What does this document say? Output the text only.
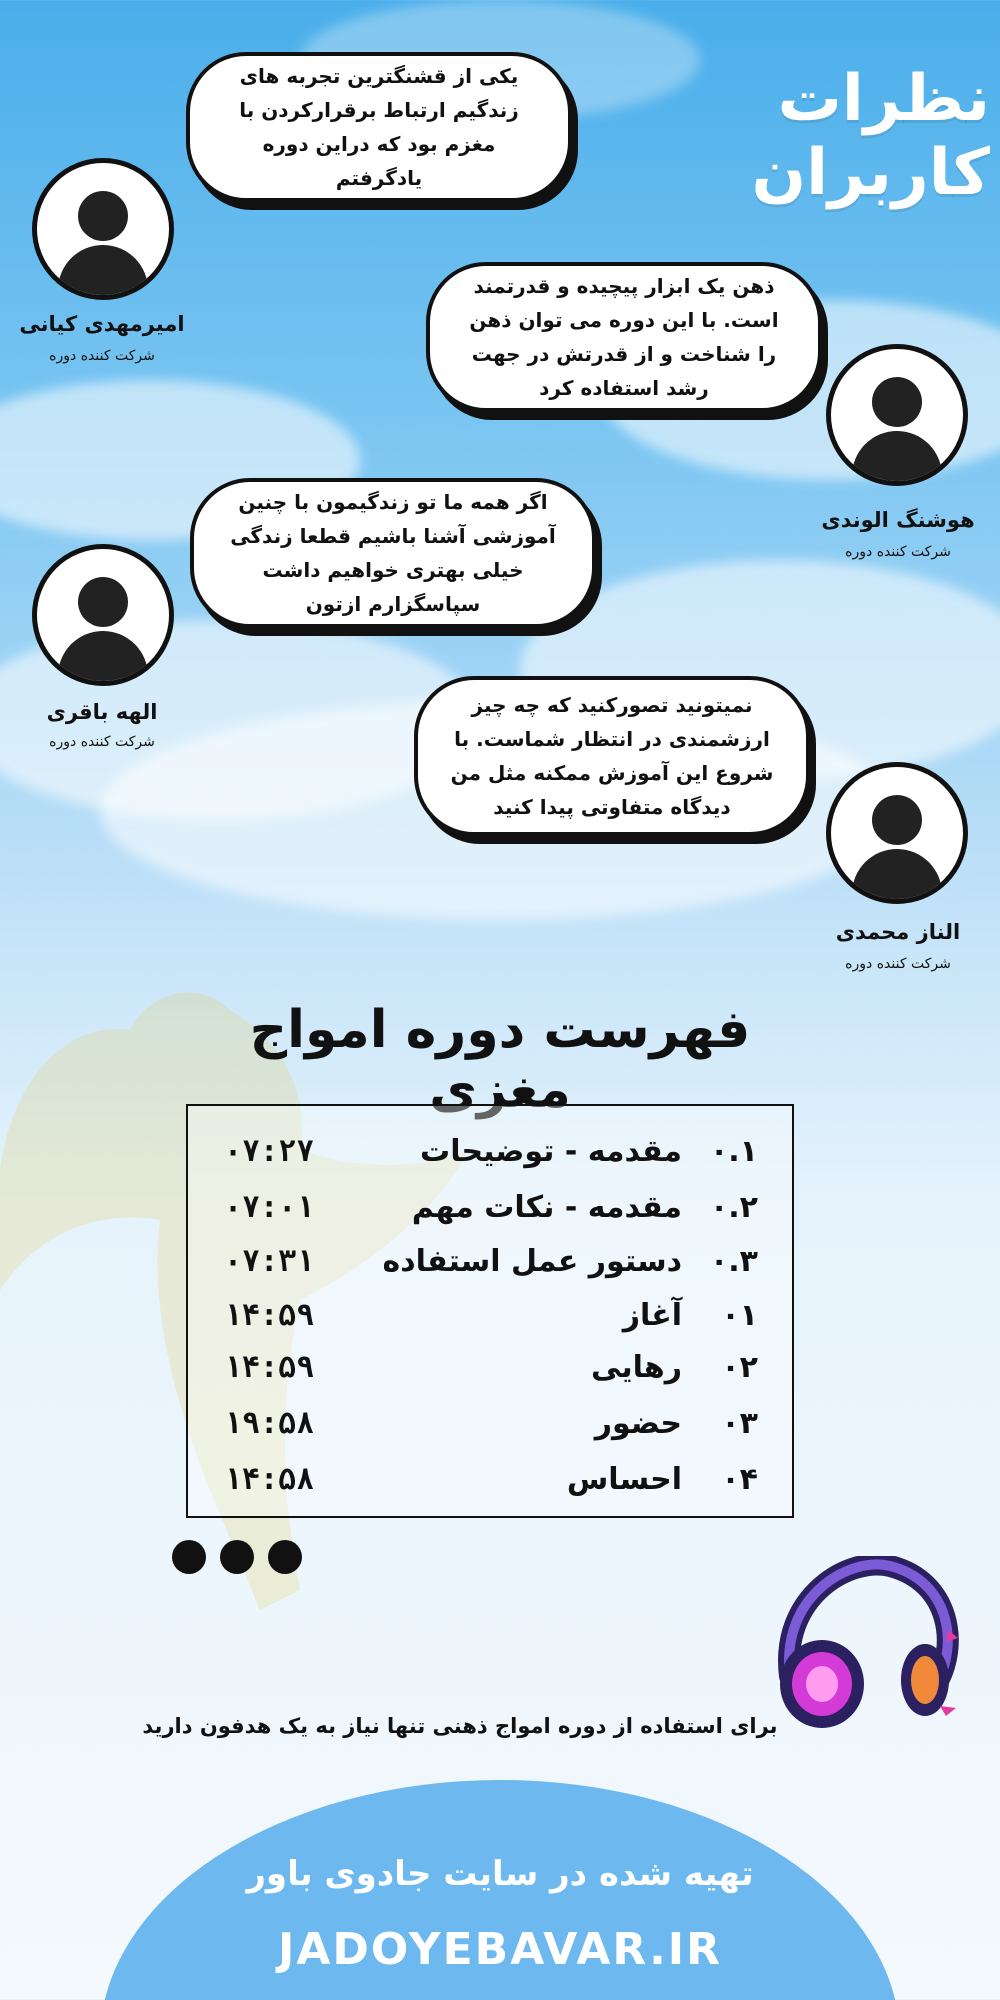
نظرات کاربران
یکی از قشنگترین تجربه های زندگیم ارتباط برقرارکردن با مغزم بود که دراین دوره یادگرفتم
امیرمهدی کیانی
شرکت کننده دوره
ذهن یک ابزار پیچیده و قدرتمند است. با این دوره می توان ذهن را شناخت و از قدرتش در جهت رشد استفاده کرد
هوشنگ الوندی
شرکت کننده دوره
اگر همه ما تو زندگیمون با چنین آموزشی آشنا باشیم قطعا زندگی خیلی بهتری خواهیم داشت سپاسگزارم ازتون
الهه باقری
شرکت کننده دوره
نمیتونید تصورکنید که چه چیز ارزشمندی در انتظار شماست. با شروع این آموزش ممکنه مثل من دیدگاه متفاوتی پیدا کنید
الناز محمدی
شرکت کننده دوره
فهرست دوره امواج مغزی
۰.۱
مقدمه - توضیحات
۰۷:۲۷
۰.۲
مقدمه - نکات مهم
۰۷:۰۱
۰.۳
دستور عمل استفاده
۰۷:۳۱
۰۱
آغاز
۱۴:۵۹
۰۲
رهایی
۱۴:۵۹
۰۳
حضور
۱۹:۵۸
۰۴
احساس
۱۴:۵۸

برای استفاده از دوره امواج ذهنی تنها نیاز به یک هدفون دارید

تهیه شده در سایت جادوی باور
JADOYEBAVAR.IR
